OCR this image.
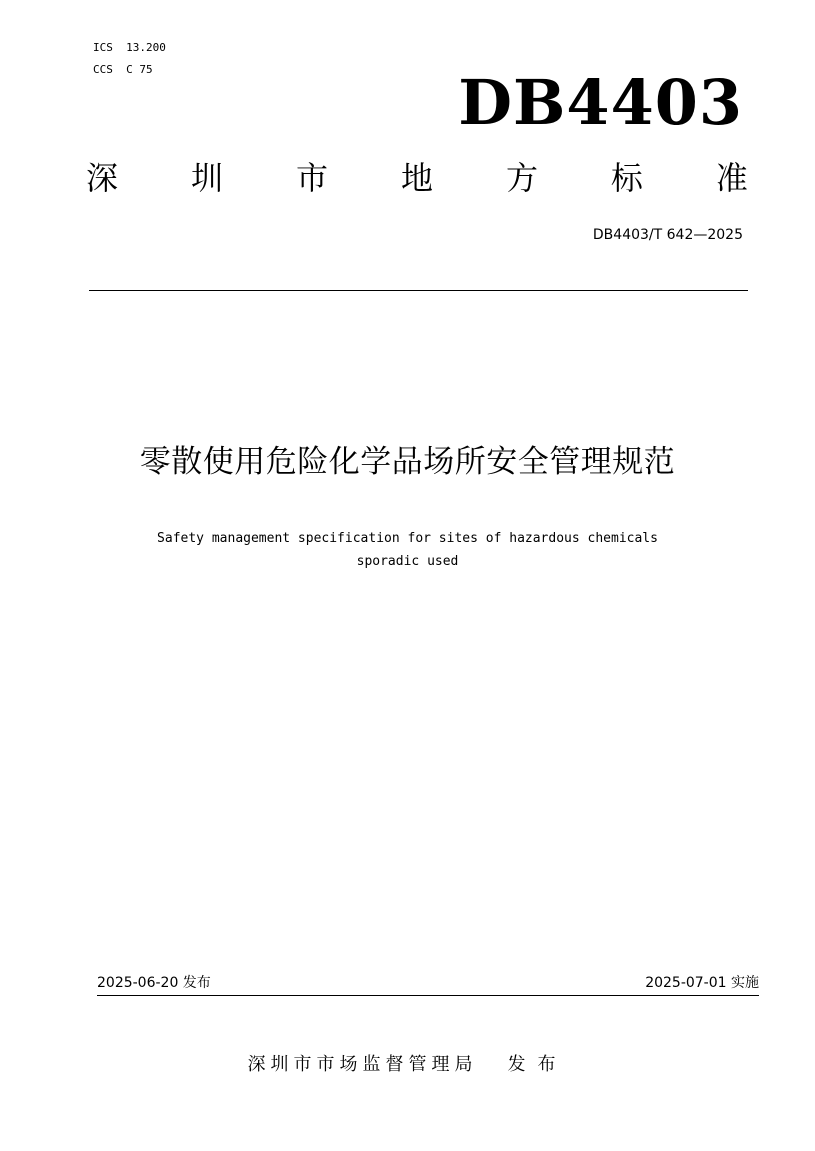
ICS  13.200
CCS  C 75	DB4403
深 圳 市 地 方 标 准
DB4403/T 642—2025
零散使用危险化学品场所安全管理规范
Safety management specification for sites of hazardous chemicals
sporadic used
2025-06-20 发布	2025-07-01 实施
深圳市市场监督管理局 发布
